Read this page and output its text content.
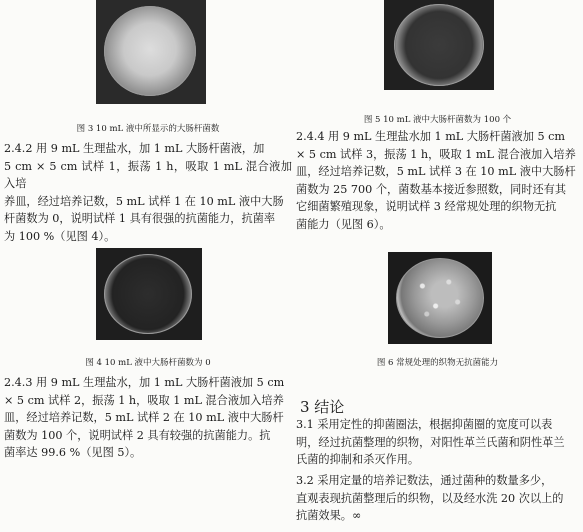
图 3 10 mL 液中所显示的大肠杆菌数
2.4.2 用 9 mL 生理盐水，加 1 mL 大肠杆菌液，加
5 cm × 5 cm 试样 1，振荡 1 h，吸取 1 mL 混合液加入培
养皿，经过培养记数，5 mL 试样 1 在 10 mL 液中大肠
杆菌数为 0，说明试样 1 具有很强的抗菌能力，抗菌率
为 100 %（见图 4）。
图 4 10 mL 液中大肠杆菌数为 0
2.4.3 用 9 mL 生理盐水，加 1 mL 大肠杆菌液加 5 cm
× 5 cm 试样 2，振荡 1 h，吸取 1 mL 混合液加入培养
皿，经过培养记数，5 mL 试样 2 在 10 mL 液中大肠杆
菌数为 100 个，说明试样 2 具有较强的抗菌能力。抗
菌率达 99.6 %（见图 5）。
图 5 10 mL 液中大肠杆菌数为 100 个
2.4.4 用 9 mL 生理盐水加 1 mL 大肠杆菌液加 5 cm
× 5 cm 试样 3，振荡 1 h，吸取 1 mL 混合液加入培养
皿，经过培养记数，5 mL 试样 3 在 10 mL 液中大肠杆
菌数为 25 700 个，菌数基本接近参照数，同时还有其
它细菌繁殖现象，说明试样 3 经常规处理的织物无抗
菌能力（见图 6）。
图 6 常规处理的织物无抗菌能力
3 结论
3.1 采用定性的抑菌圈法，根据抑菌圈的宽度可以表
明，经过抗菌整理的织物，对阳性革兰氏菌和阴性革兰
氏菌的抑制和杀灭作用。
3.2 采用定量的培养记数法，通过菌种的数量多少，
直观表现抗菌整理后的织物，以及经水洗 20 次以上的
抗菌效果。∞
